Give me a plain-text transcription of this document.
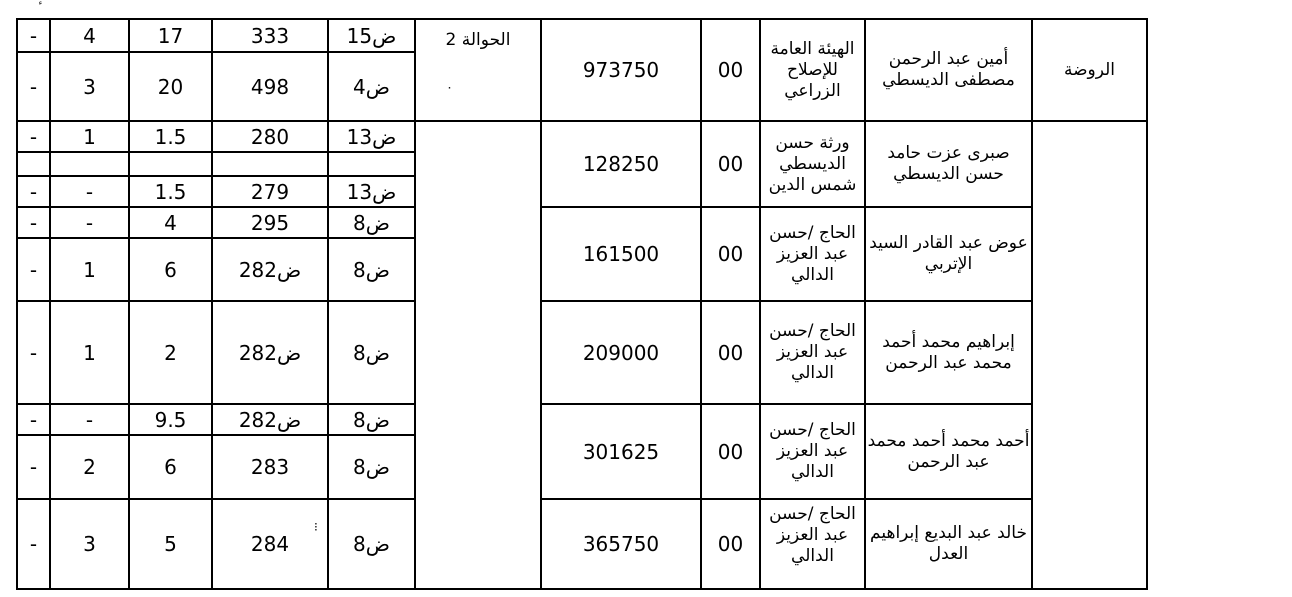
-	4	17	333	ض15	الحوالة 2	973750	00	الهيئة العامة للإصلاح الزراعي	أمين عبد الرحمن مصطفى الديسطي	الروضة
-	3	20	498	ض4						
-	1	1.5	280	ض13		128250	00	ورثة حسن الديسطي شمس الدين	صبرى عزت حامد حسن الديسطي	

-	-	1.5	279	ض13						
-	-	4	295	ض8		161500	00	الحاج /حسن عبد العزيز الدالي	عوض عبد القادر السيد الإتربي	
-	1	6	ض282	ض8						
-	1	2	ض282	ض8		209000	00	الحاج /حسن عبد العزيز الدالي	إبراهيم محمد أحمد محمد عبد الرحمن	
-	-	9.5	ض282	ض8		301625	00	الحاج /حسن عبد العزيز الدالي	أحمد محمد أحمد محمد عبد الرحمن	
-	2	6	283	ض8						
-	3	5	284	ض8		365750	00	الحاج /حسن عبد العزيز الدالي	خالد عبد البديع إبراهيم العدل	
˙
⁝
